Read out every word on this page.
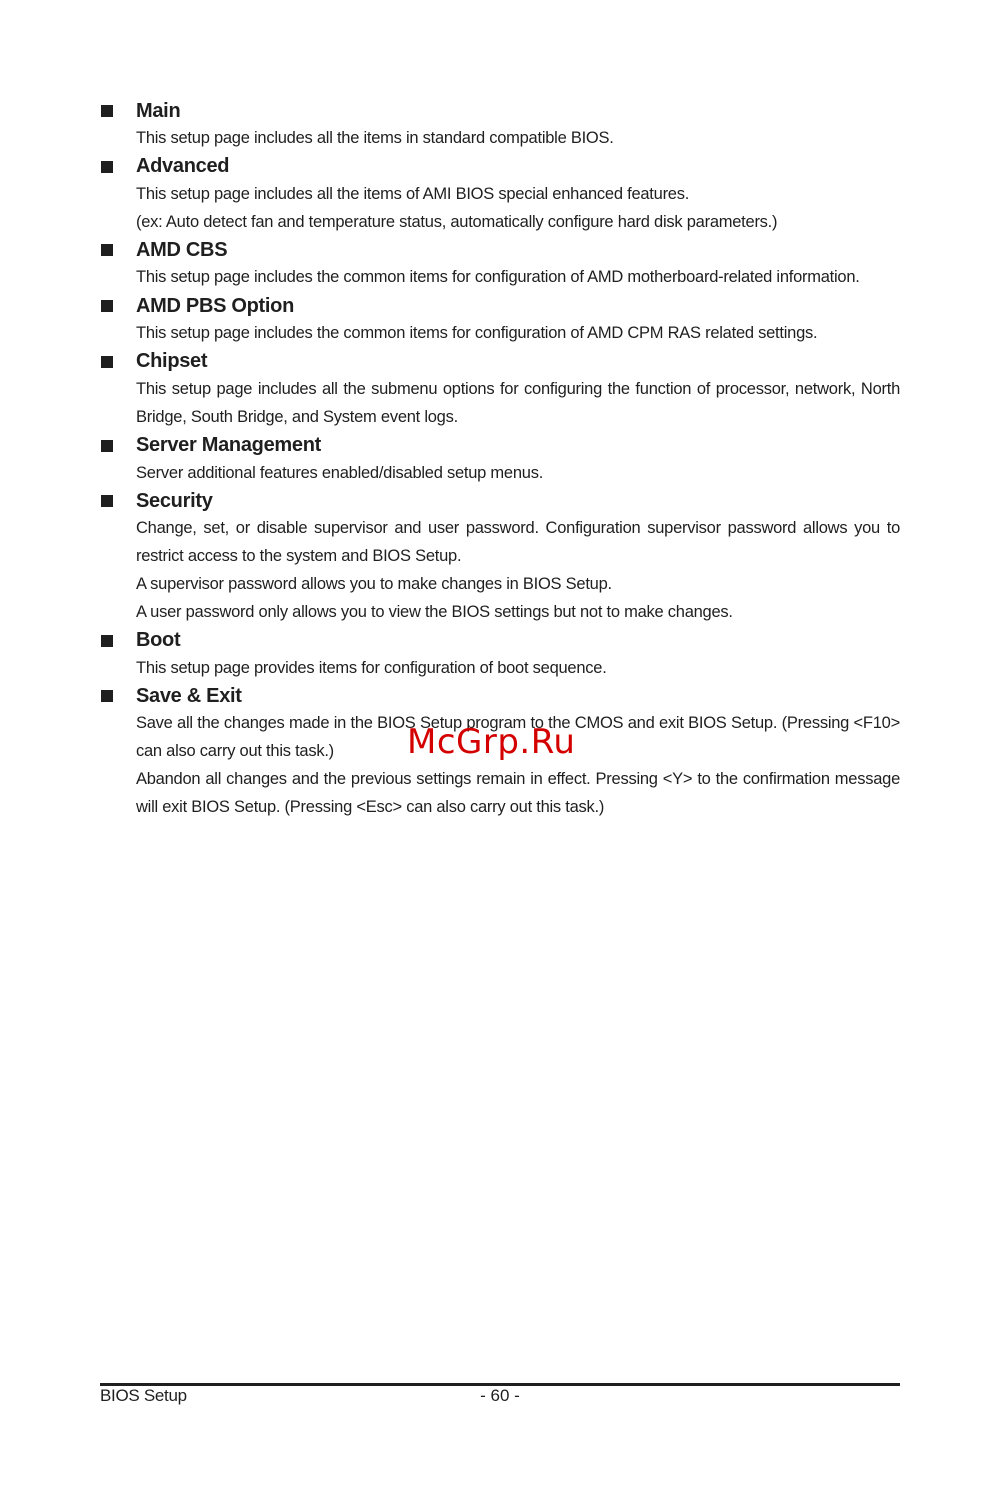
Main

This setup page includes all the items in standard compatible BIOS.

Advanced

This setup page includes all the items of AMI BIOS special enhanced features.

(ex: Auto detect fan and temperature status, automatically configure hard disk parameters.)

AMD CBS

This setup page includes the common items for configuration of AMD motherboard-related information.

AMD PBS Option

This setup page includes the common items for configuration of AMD CPM RAS related settings.

Chipset

This setup page includes all the submenu options for configuring the function of processor, network, North Bridge, South Bridge, and System event logs.

Server Management

Server additional features enabled/disabled setup menus.

Security

Change, set, or disable supervisor and user password. Configuration supervisor password allows you to restrict access to the system and BIOS Setup.

A supervisor password allows you to make changes in BIOS Setup.

A user password only allows you to view the BIOS settings but not to make changes.

Boot

This setup page provides items for configuration of boot sequence.

Save & Exit

Save all the changes made in the BIOS Setup program to the CMOS and exit BIOS Setup. (Pressing <F10> can also carry out this task.)

Abandon all changes and the previous settings remain in effect. Pressing <Y> to the confirmation message will exit BIOS Setup. (Pressing <Esc> can also carry out this task.)

McGrp.Ru
BIOS Setup	- 60 -
